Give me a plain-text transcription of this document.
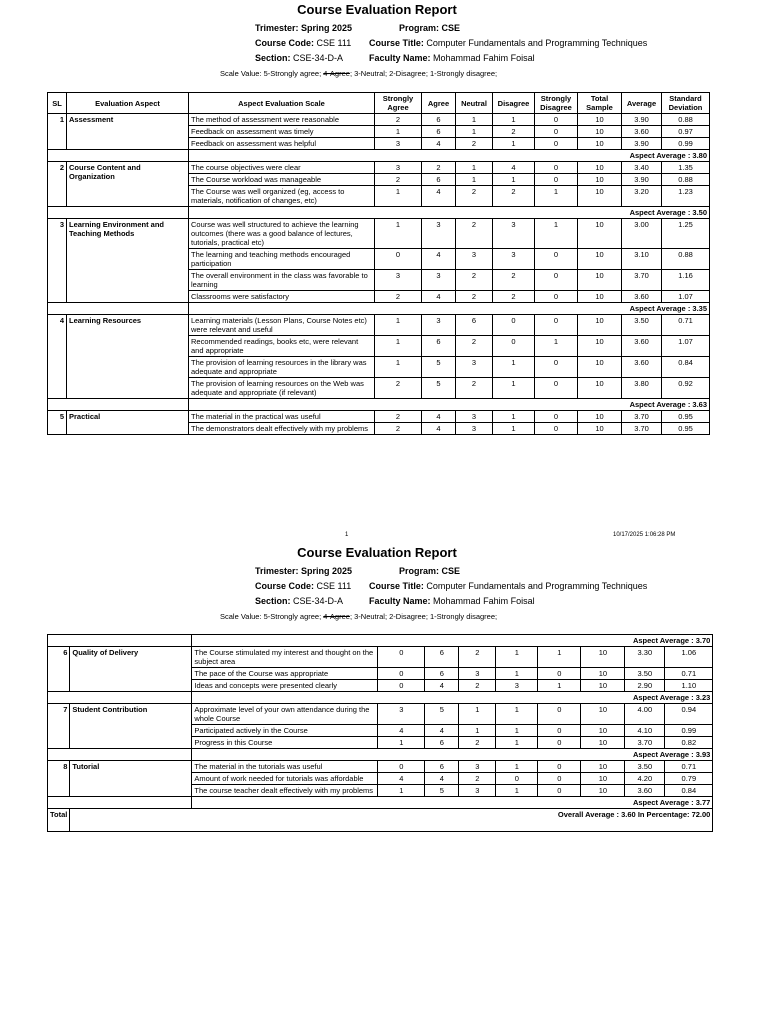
Course Evaluation Report
Trimester: Spring 2025	Program: CSE
Course Code: CSE 111 Course Title: Computer Fundamentals and Programming Techniques
Section: CSE-34-D-A	Faculty Name: Mohammad Fahim Foisal
Scale Value: 5-Strongly agree; 4-Agree; 3-Neutral; 2-Disagree; 1-Strongly disagree;
SL	Evaluation Aspect	Aspect Evaluation Scale	Strongly Agree	Agree	Neutral	Disagree	Strongly Disagree	Total Sample	Average	Standard Deviation
1	Assessment	The method of assessment were reasonable	2	6	1	1	0	10	3.90	0.88
		Feedback on assessment was timely	1	6	1	2	0	10	3.60	0.97
		Feedback on assessment was helpful	3	4	2	1	0	10	3.90	0.99
		Aspect Average : 3.80								
2	Course Content and Organization	The course objectives were clear	3	2	1	4	0	10	3.40	1.35
		The Course workload was manageable	2	6	1	1	0	10	3.90	0.88
		The Course was well organized (eg, access to materials, notification of changes, etc)	1	4	2	2	1	10	3.20	1.23
		Aspect Average : 3.50								
3	Learning Environment and Teaching Methods	Course was well structured to achieve the learning outcomes (there was a good balance of lectures, tutorials, practical etc)	1	3	2	3	1	10	3.00	1.25
		The learning and teaching methods encouraged participation	0	4	3	3	0	10	3.10	0.88
		The overall environment in the class was favorable to learning	3	3	2	2	0	10	3.70	1.16
		Classrooms were satisfactory	2	4	2	2	0	10	3.60	1.07
		Aspect Average : 3.35								
4	Learning Resources	Learning materials (Lesson Plans, Course Notes etc) were relevant and useful	1	3	6	0	0	10	3.50	0.71
		Recommended readings, books etc, were relevant and appropriate	1	6	2	0	1	10	3.60	1.07
		The provision of learning resources in the library was adequate and appropriate	1	5	3	1	0	10	3.60	0.84
		The provision of learning resources on the Web was adequate and appropriate (if relevant)	2	5	2	1	0	10	3.80	0.92
		Aspect Average : 3.63								
5	Practical	The material in the practical was useful	2	4	3	1	0	10	3.70	0.95
		The demonstrators dealt effectively with my problems	2	4	3	1	0	10	3.70	0.95
1	10/17/2025 1:06:28 PM
Course Evaluation Report
Trimester: Spring 2025	Program: CSE
Course Code: CSE 111 Course Title: Computer Fundamentals and Programming Techniques
Section: CSE-34-D-A	Faculty Name: Mohammad Fahim Foisal
Scale Value: 5-Strongly agree; 4-Agree; 3-Neutral; 2-Disagree; 1-Strongly disagree;
		Aspect Average : 3.70								
6	Quality of Delivery	The Course stimulated my interest and thought on the subject area	0	6	2	1	1	10	3.30	1.06
		The pace of the Course was appropriate	0	6	3	1	0	10	3.50	0.71
		Ideas and concepts were presented clearly	0	4	2	3	1	10	2.90	1.10
		Aspect Average : 3.23								
7	Student Contribution	Approximate level of your own attendance during the whole Course	3	5	1	1	0	10	4.00	0.94
		Participated actively in the Course	4	4	1	1	0	10	4.10	0.99
		Progress in this Course	1	6	2	1	0	10	3.70	0.82
		Aspect Average : 3.93								
8	Tutorial	The material in the tutorials was useful	0	6	3	1	0	10	3.50	0.71
		Amount of work needed for tutorials was affordable	4	4	2	0	0	10	4.20	0.79
		The course teacher dealt effectively with my problems	1	5	3	1	0	10	3.60	0.84
		Aspect Average : 3.77								
Total	Overall Average : 3.60 In Percentage: 72.00									
